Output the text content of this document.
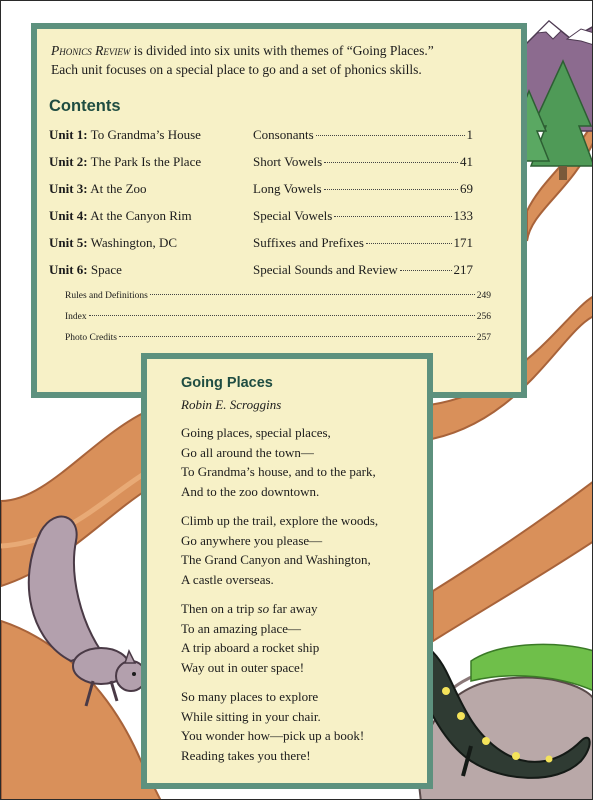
Phonics Review is divided into six units with themes of “Going Places.”
Each unit focuses on a special place to go and a set of phonics skills.
Contents
Unit 1: To Grandma’s House	Consonants	1
Unit 2: The Park Is the Place	Short Vowels	41
Unit 3: At the Zoo	Long Vowels	69
Unit 4: At the Canyon Rim	Special Vowels	133
Unit 5: Washington, DC	Suffixes and Prefixes	171
Unit 6: Space	Special Sounds and Review	217
Rules and Definitions	249
Index	256
Photo Credits	257
Going Places
Robin E. Scroggins
Going places, special places,
Go all around the town—
To Grandma’s house, and to the park,
And to the zoo downtown.
Climb up the trail, explore the woods,
Go anywhere you please—
The Grand Canyon and Washington,
A castle overseas.
Then on a trip so far away
To an amazing place—
A trip aboard a rocket ship
Way out in outer space!
So many places to explore
While sitting in your chair.
You wonder how—pick up a book!
Reading takes you there!
